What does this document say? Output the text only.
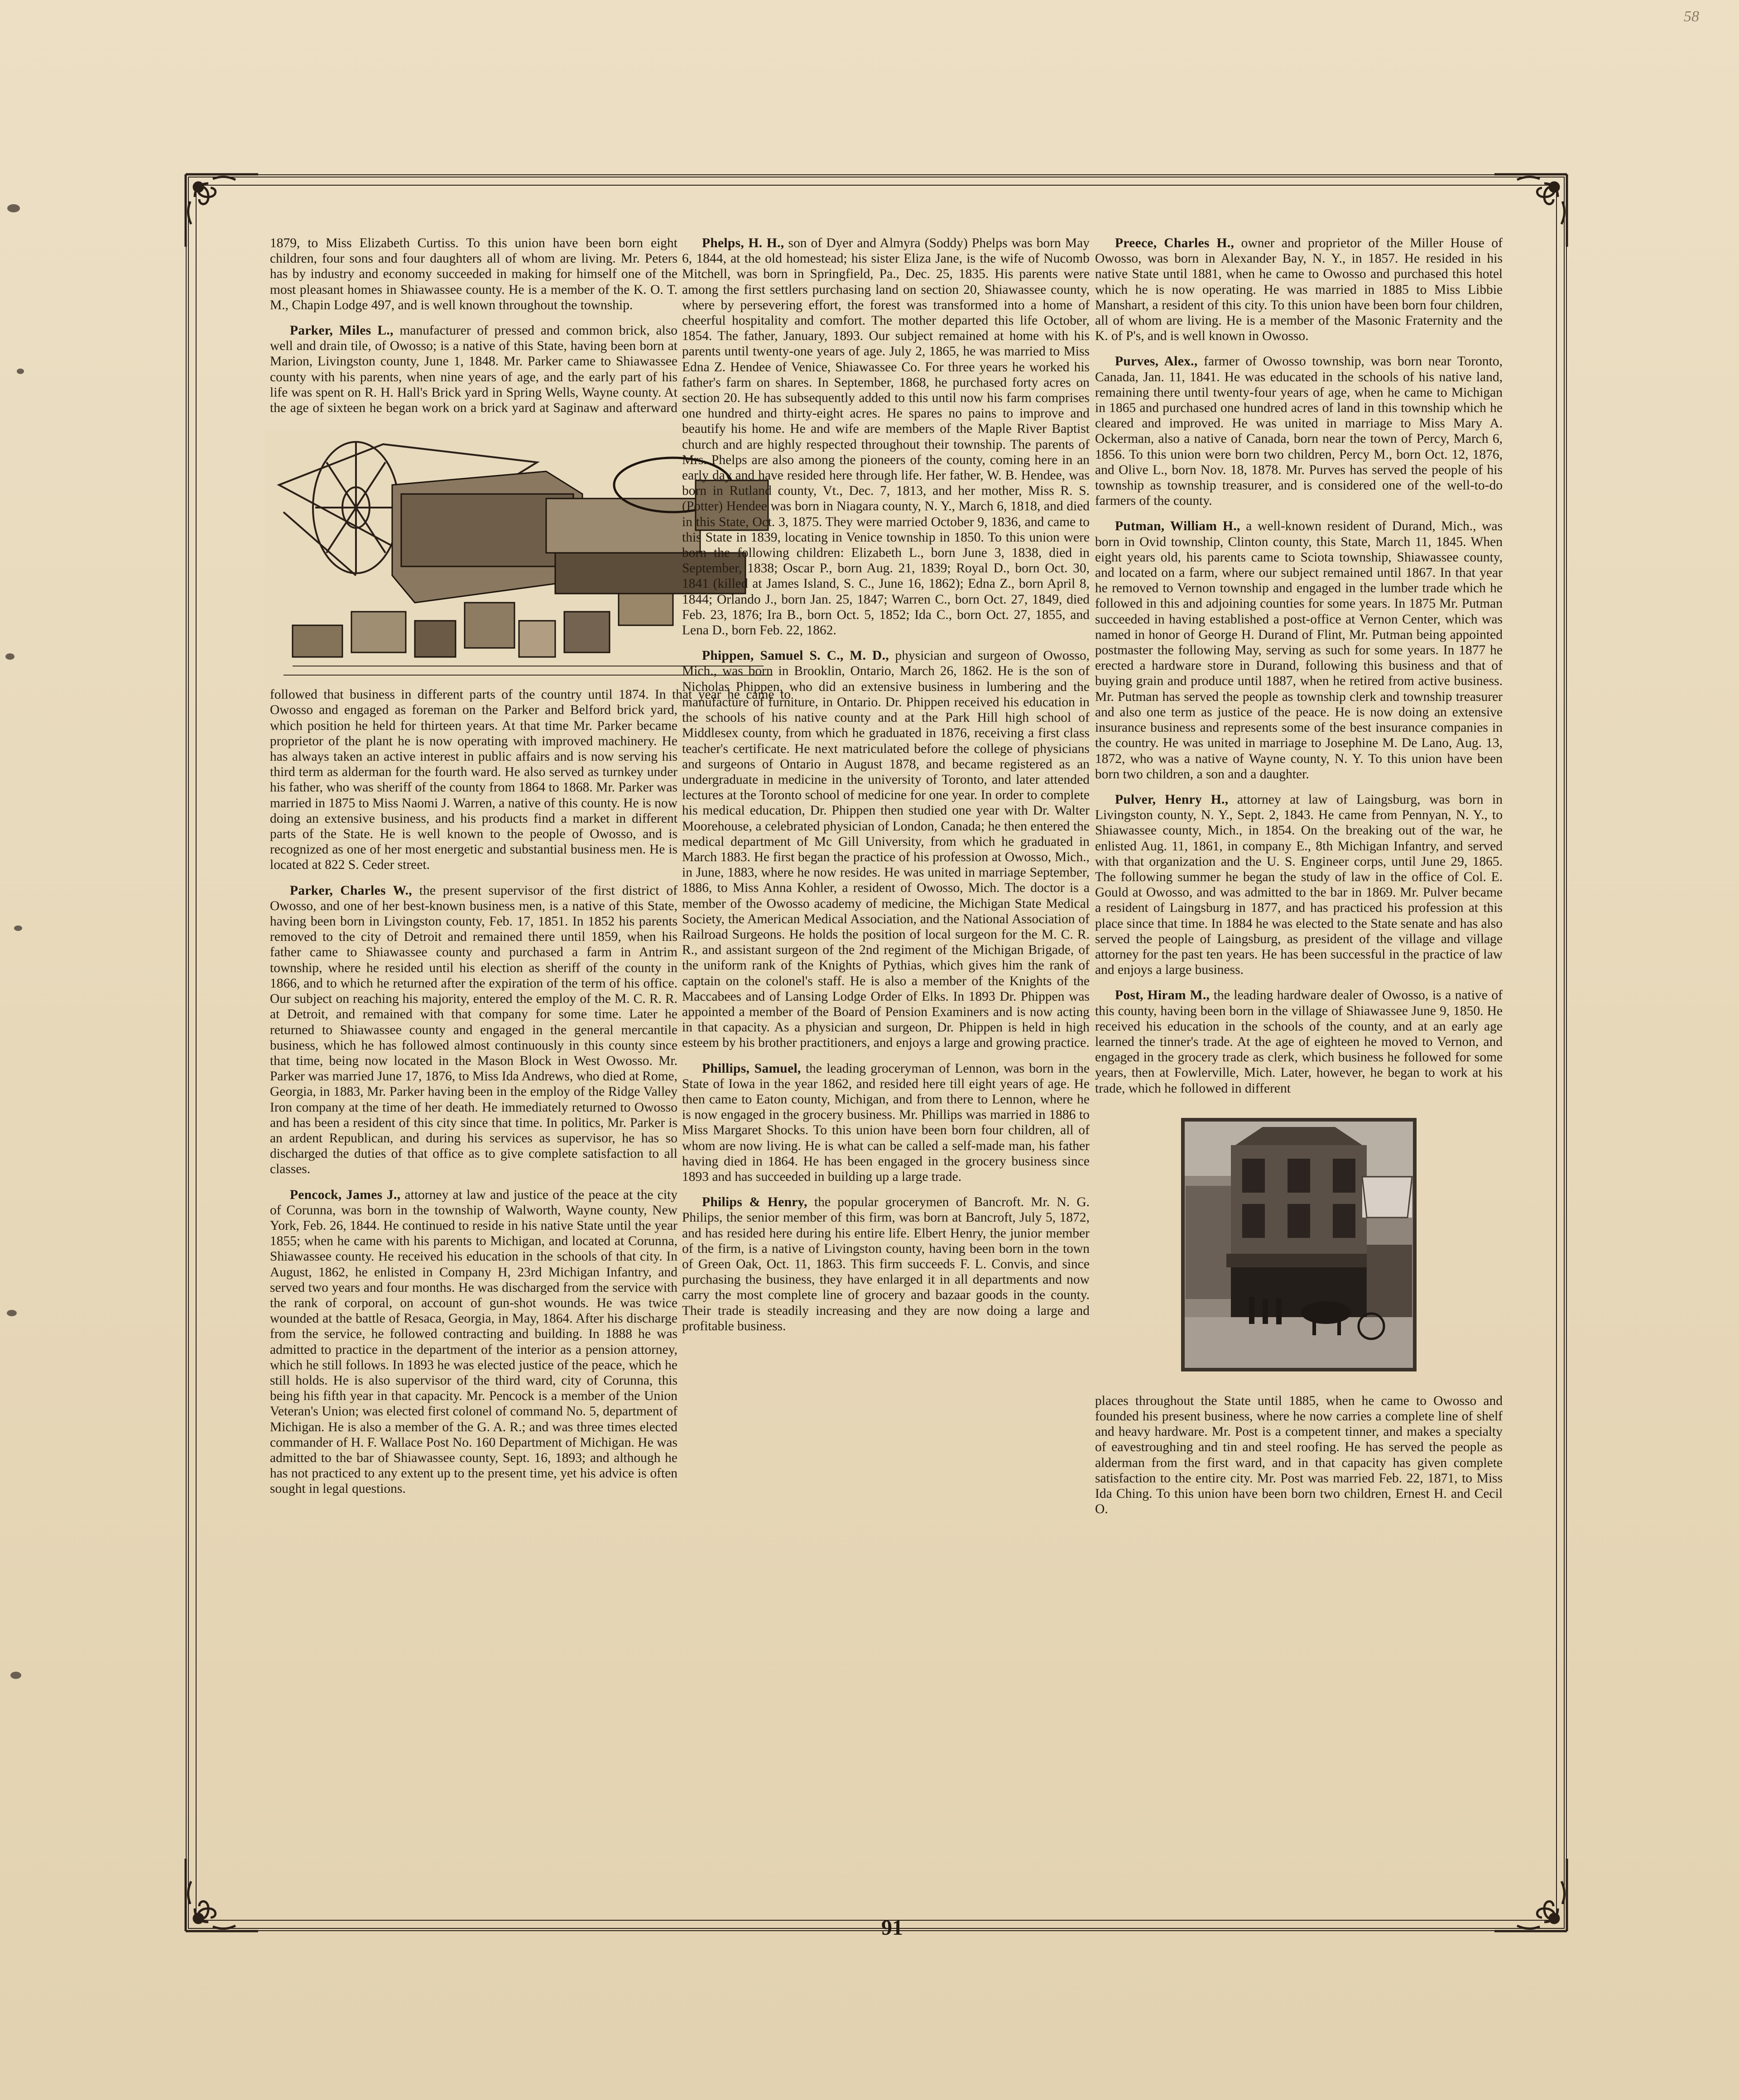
58

1879, to Miss Elizabeth Curtiss. To this union have been born eight children, four sons and four daughters all of whom are living. Mr. Peters has by industry and economy succeeded in making for himself one of the most pleasant homes in Shiawassee county. He is a member of the K. O. T. M., Chapin Lodge 497, and is well known throughout the township.

Parker, Miles L., manufacturer of pressed and common brick, also well and drain tile, of Owosso; is a native of this State, having been born at Marion, Livingston county, June 1, 1848. Mr. Parker came to Shiawassee county with his parents, when nine years of age, and the early part of his life was spent on R. H. Hall's Brick yard in Spring Wells, Wayne county. At the age of sixteen he began work on a brick yard at Saginaw and afterward followed that business in different parts of the country until 1874. In that year he came to Owosso and engaged as foreman on the Parker and Belford brick yard, which position he held for thirteen years. At that time Mr. Parker became proprietor of the plant he is now operating with improved machinery. He has always taken an active interest in public affairs and is now serving his third term as alderman for the fourth ward. He also served as turnkey under his father, who was sheriff of the county from 1864 to 1868. Mr. Parker was married in 1875 to Miss Naomi J. Warren, a native of this county. He is now doing an extensive business, and his products find a market in different parts of the State. He is well known to the people of Owosso, and is recognized as one of her most energetic and substantial business men. He is located at 822 S. Ceder street.

Parker, Charles W., the present supervisor of the first district of Owosso, and one of her best-known business men, is a native of this State, having been born in Livingston county, Feb. 17, 1851. In 1852 his parents removed to the city of Detroit and remained there until 1859, when his father came to Shiawassee county and purchased a farm in Antrim township, where he resided until his election as sheriff of the county in 1866, and to which he returned after the expiration of the term of his office. Our subject on reaching his majority, entered the employ of the M. C. R. R. at Detroit, and remained with that company for some time. Later he returned to Shiawassee county and engaged in the general mercantile business, which he has followed almost continuously in this county since that time, being now located in the Mason Block in West Owosso. Mr. Parker was married June 17, 1876, to Miss Ida Andrews, who died at Rome, Georgia, in 1883, Mr. Parker having been in the employ of the Ridge Valley Iron company at the time of her death. He immediately returned to Owosso and has been a resident of this city since that time. In politics, Mr. Parker is an ardent Republican, and during his services as supervisor, he has so discharged the duties of that office as to give complete satisfaction to all classes.

Pencock, James J., attorney at law and justice of the peace at the city of Corunna, was born in the township of Walworth, Wayne county, New York, Feb. 26, 1844. He continued to reside in his native State until the year 1855; when he came with his parents to Michigan, and located at Corunna, Shiawassee county. He received his education in the schools of that city. In August, 1862, he enlisted in Company H, 23rd Michigan Infantry, and served two years and four months. He was discharged from the service with the rank of corporal, on account of gun-shot wounds. He was twice wounded at the battle of Resaca, Georgia, in May, 1864. After his discharge from the service, he followed contracting and building. In 1888 he was admitted to practice in the department of the interior as a pension attorney, which he still follows. In 1893 he was elected justice of the peace, which he still holds. He is also supervisor of the third ward, city of Corunna, this being his fifth year in that capacity. Mr. Pencock is a member of the Union Veteran's Union; was elected first colonel of command No. 5, department of Michigan. He is also a member of the G. A. R.; and was three times elected commander of H. F. Wallace Post No. 160 Department of Michigan. He was admitted to the bar of Shiawassee county, Sept. 16, 1893; and although he has not practiced to any extent up to the present time, yet his advice is often sought in legal questions.

Phelps, H. H., son of Dyer and Almyra (Soddy) Phelps was born May 6, 1844, at the old homestead; his sister Eliza Jane, is the wife of Nucomb Mitchell, was born in Springfield, Pa., Dec. 25, 1835. His parents were among the first settlers purchasing land on section 20, Shiawassee county, where by persevering effort, the forest was transformed into a home of cheerful hospitality and comfort. The mother departed this life October, 1854. The father, January, 1893. Our subject remained at home with his parents until twenty-one years of age. July 2, 1865, he was married to Miss Edna Z. Hendee of Venice, Shiawassee Co. For three years he worked his father's farm on shares. In September, 1868, he purchased forty acres on section 20. He has subsequently added to this until now his farm comprises one hundred and thirty-eight acres. He spares no pains to improve and beautify his home. He and wife are members of the Maple River Baptist church and are highly respected throughout their township. The parents of Mrs. Phelps are also among the pioneers of the county, coming here in an early day and have resided here through life. Her father, W. B. Hendee, was born in Rutland county, Vt., Dec. 7, 1813, and her mother, Miss R. S. (Potter) Hendee was born in Niagara county, N. Y., March 6, 1818, and died in this State, Oct. 3, 1875. They were married October 9, 1836, and came to this State in 1839, locating in Venice township in 1850. To this union were born the following children: Elizabeth L., born June 3, 1838, died in September, 1838; Oscar P., born Aug. 21, 1839; Royal D., born Oct. 30, 1841 (killed at James Island, S. C., June 16, 1862); Edna Z., born April 8, 1844; Orlando J., born Jan. 25, 1847; Warren C., born Oct. 27, 1849, died Feb. 23, 1876; Ira B., born Oct. 5, 1852; Ida C., born Oct. 27, 1855, and Lena D., born Feb. 22, 1862.

Phippen, Samuel S. C., M. D., physician and surgeon of Owosso, Mich., was born in Brooklin, Ontario, March 26, 1862. He is the son of Nicholas Phippen, who did an extensive business in lumbering and the manufacture of furniture, in Ontario. Dr. Phippen received his education in the schools of his native county and at the Park Hill high school of Middlesex county, from which he graduated in 1876, receiving a first class teacher's certificate. He next matriculated before the college of physicians and surgeons of Ontario in August 1878, and became registered as an undergraduate in medicine in the university of Toronto, and later attended lectures at the Toronto school of medicine for one year. In order to complete his medical education, Dr. Phippen then studied one year with Dr. Walter Moorehouse, a celebrated physician of London, Canada; he then entered the medical department of Mc Gill University, from which he graduated in March 1883. He first began the practice of his profession at Owosso, Mich., in June, 1883, where he now resides. He was united in marriage September, 1886, to Miss Anna Kohler, a resident of Owosso, Mich. The doctor is a member of the Owosso academy of medicine, the Michigan State Medical Society, the American Medical Association, and the National Association of Railroad Surgeons. He holds the position of local surgeon for the M. C. R. R., and assistant surgeon of the 2nd regiment of the Michigan Brigade, of the uniform rank of the Knights of Pythias, which gives him the rank of captain on the colonel's staff. He is also a member of the Knights of the Maccabees and of Lansing Lodge Order of Elks. In 1893 Dr. Phippen was appointed a member of the Board of Pension Examiners and is now acting in that capacity. As a physician and surgeon, Dr. Phippen is held in high esteem by his brother practitioners, and enjoys a large and growing practice.

Phillips, Samuel, the leading groceryman of Lennon, was born in the State of Iowa in the year 1862, and resided here till eight years of age. He then came to Eaton county, Michigan, and from there to Lennon, where he is now engaged in the grocery business. Mr. Phillips was married in 1886 to Miss Margaret Shocks. To this union have been born four children, all of whom are now living. He is what can be called a self-made man, his father having died in 1864. He has been engaged in the grocery business since 1893 and has succeeded in building up a large trade.

Philips & Henry, the popular grocerymen of Bancroft. Mr. N. G. Philips, the senior member of this firm, was born at Bancroft, July 5, 1872, and has resided here during his entire life. Elbert Henry, the junior member of the firm, is a native of Livingston county, having been born in the town of Green Oak, Oct. 11, 1863. This firm succeeds F. L. Convis, and since purchasing the business, they have enlarged it in all departments and now carry the most complete line of grocery and bazaar goods in the county. Their trade is steadily increasing and they are now doing a large and profitable business.

Preece, Charles H., owner and proprietor of the Miller House of Owosso, was born in Alexander Bay, N. Y., in 1857. He resided in his native State until 1881, when he came to Owosso and purchased this hotel which he is now operating. He was married in 1885 to Miss Libbie Manshart, a resident of this city. To this union have been born four children, all of whom are living. He is a member of the Masonic Fraternity and the K. of P's, and is well known in Owosso.

Purves, Alex., farmer of Owosso township, was born near Toronto, Canada, Jan. 11, 1841. He was educated in the schools of his native land, remaining there until twenty-four years of age, when he came to Michigan in 1865 and purchased one hundred acres of land in this township which he cleared and improved. He was united in marriage to Miss Mary A. Ockerman, also a native of Canada, born near the town of Percy, March 6, 1856. To this union were born two children, Percy M., born Oct. 12, 1876, and Olive L., born Nov. 18, 1878. Mr. Purves has served the people of his township as township treasurer, and is considered one of the well-to-do farmers of the county.

Putman, William H., a well-known resident of Durand, Mich., was born in Ovid township, Clinton county, this State, March 11, 1845. When eight years old, his parents came to Sciota township, Shiawassee county, and located on a farm, where our subject remained until 1867. In that year he removed to Vernon township and engaged in the lumber trade which he followed in this and adjoining counties for some years. In 1875 Mr. Putman succeeded in having established a post-office at Vernon Center, which was named in honor of George H. Durand of Flint, Mr. Putman being appointed postmaster the following May, serving as such for some years. In 1877 he erected a hardware store in Durand, following this business and that of buying grain and produce until 1887, when he retired from active business. Mr. Putman has served the people as township clerk and township treasurer and also one term as justice of the peace. He is now doing an extensive insurance business and represents some of the best insurance companies in the country. He was united in marriage to Josephine M. De Lano, Aug. 13, 1872, who was a native of Wayne county, N. Y. To this union have been born two children, a son and a daughter.

Pulver, Henry H., attorney at law of Laingsburg, was born in Livingston county, N. Y., Sept. 2, 1843. He came from Pennyan, N. Y., to Shiawassee county, Mich., in 1854. On the breaking out of the war, he enlisted Aug. 11, 1861, in company E., 8th Michigan Infantry, and served with that organization and the U. S. Engineer corps, until June 29, 1865. The following summer he began the study of law in the office of Col. E. Gould at Owosso, and was admitted to the bar in 1869. Mr. Pulver became a resident of Laingsburg in 1877, and has practiced his profession at this place since that time. In 1884 he was elected to the State senate and has also served the people of Laingsburg, as president of the village and village attorney for the past ten years. He has been successful in the practice of law and enjoys a large business.

Post, Hiram M., the leading hardware dealer of Owosso, is a native of this county, having been born in the village of Shiawassee June 9, 1850. He received his education in the schools of the county, and at an early age learned the tinner's trade. At the age of eighteen he moved to Vernon, and engaged in the grocery trade as clerk, which business he followed for some years, then at Fowlerville, Mich. Later, however, he began to work at his trade, which he followed in different

places throughout the State until 1885, when he came to Owosso and founded his present business, where he now carries a complete line of shelf and heavy hardware. Mr. Post is a competent tinner, and makes a specialty of eavestroughing and tin and steel roofing. He has served the people as alderman from the first ward, and in that capacity has given complete satisfaction to the entire city. Mr. Post was married Feb. 22, 1871, to Miss Ida Ching. To this union have been born two children, Ernest H. and Cecil O.

91
